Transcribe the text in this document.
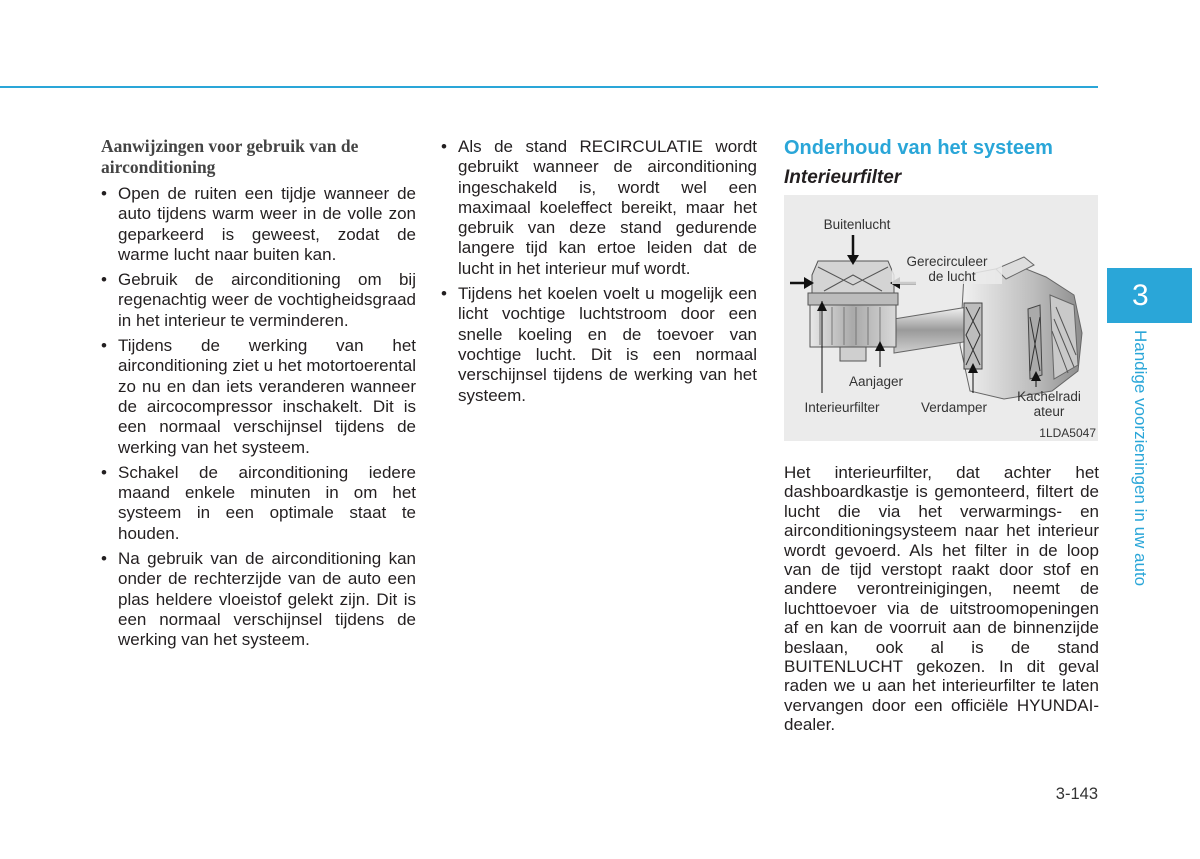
Aanwijzingen voor gebruik van de airconditioning
• Open de ruiten een tijdje wanneer de auto tijdens warm weer in de volle zon geparkeerd is geweest, zodat de warme lucht naar buiten kan.
• Gebruik de airconditioning om bij regenachtig weer de vochtigheidsgraad in het interieur te verminderen.
• Tijdens de werking van het airconditioning ziet u het motortoerental zo nu en dan iets veranderen wanneer de aircocompressor inschakelt. Dit is een normaal verschijnsel tijdens de werking van het systeem.
• Schakel de airconditioning iedere maand enkele minuten in om het systeem in een optimale staat te houden.
• Na gebruik van de airconditioning kan onder de rechterzijde van de auto een plas heldere vloeistof gelekt zijn. Dit is een normaal verschijnsel tijdens de werking van het systeem.
• Als de stand RECIRCULATIE wordt gebruikt wanneer de airconditioning ingeschakeld is, wordt wel een maximaal koeleffect bereikt, maar het gebruik van deze stand gedurende langere tijd kan ertoe leiden dat de lucht in het interieur muf wordt.
• Tijdens het koelen voelt u mogelijk een licht vochtige luchtstroom door een snelle koeling en de toevoer van vochtige lucht. Dit is een normaal verschijnsel tijdens de werking van het systeem.
Onderhoud van het systeem
Interieurfilter
Buitenlucht
Gerecirculeer
de lucht
Aanjager
Interieurfilter	Verdamper
Kachelradi
ateur
1LDA5047

Het interieurfilter, dat achter het dashboardkastje is gemonteerd, filtert de lucht die via het verwarmings- en airconditioningsysteem naar het interieur wordt gevoerd. Als het filter in de loop van de tijd verstopt raakt door stof en andere verontreinigingen, neemt de luchttoevoer via de uitstroomopeningen af en kan de voorruit aan de binnenzijde beslaan, ook al is de stand BUITENLUCHT gekozen. In dit geval raden we u aan het interieurfilter te laten vervangen door een officiële HYUNDAI-dealer.

3
Handige voorzieningen in uw auto
3-143
